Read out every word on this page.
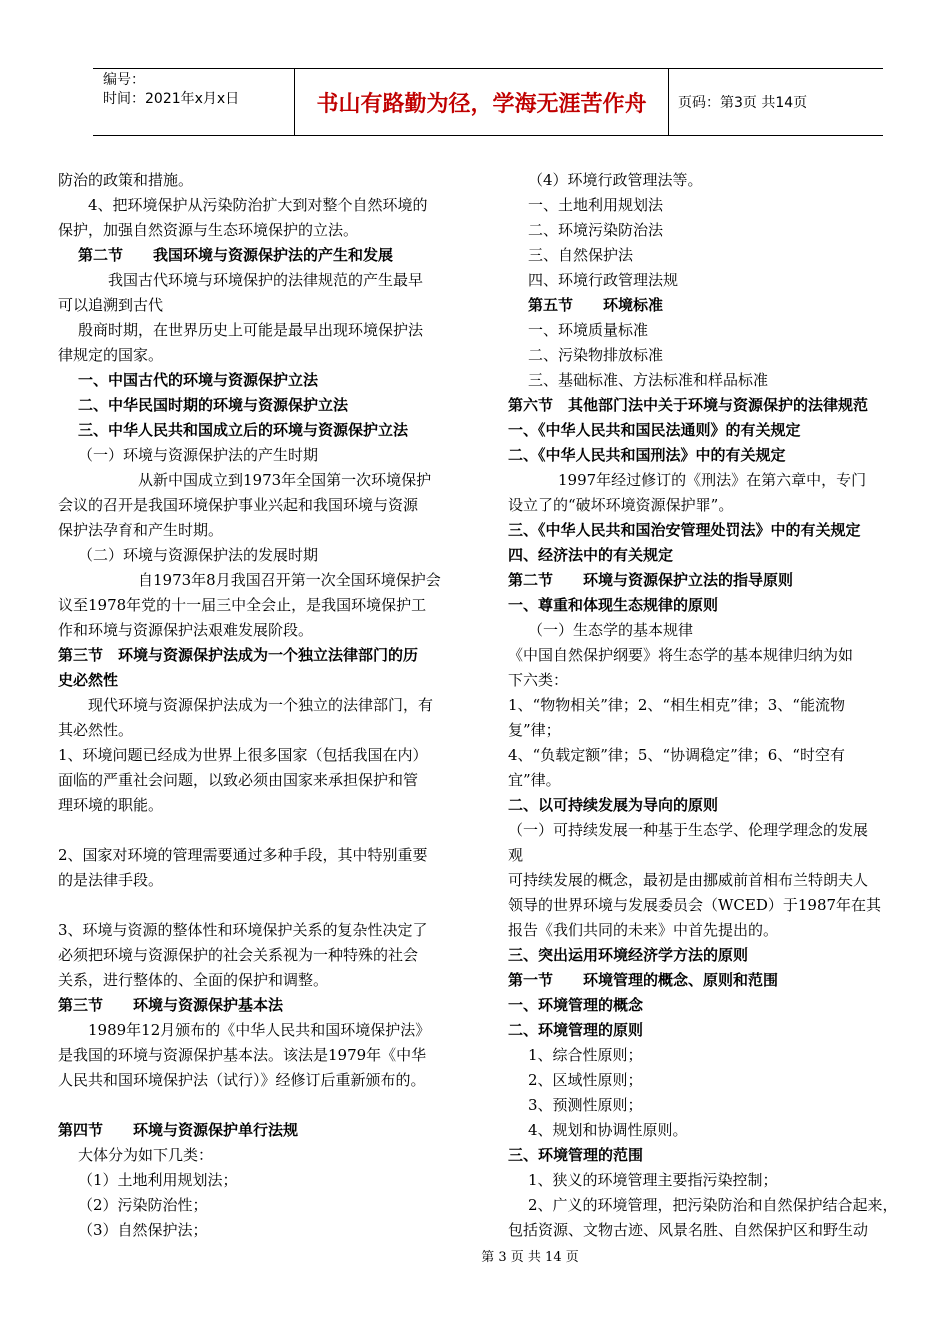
编号：
时间：2021年x月x日	书山有路勤为径，学海无涯苦作舟	页码：第3页 共14页

防治的政策和措施。

4、把环境保护从污染防治扩大到对整个自然环境的

保护，加强自然资源与生态环境保护的立法。

第二节　　我国环境与资源保护法的产生和发展

我国古代环境与环境保护的法律规范的产生最早

可以追溯到古代

殷商时期，在世界历史上可能是最早出现环境保护法

律规定的国家。

一、中国古代的环境与资源保护立法

二、中华民国时期的环境与资源保护立法

三、中华人民共和国成立后的环境与资源保护立法

（一）环境与资源保护法的产生时期

从新中国成立到1973年全国第一次环境保护

会议的召开是我国环境保护事业兴起和我国环境与资源

保护法孕育和产生时期。

（二）环境与资源保护法的发展时期

自1973年8月我国召开第一次全国环境保护会

议至1978年党的十一届三中全会止，是我国环境保护工

作和环境与资源保护法艰难发展阶段。

第三节　环境与资源保护法成为一个独立法律部门的历

史必然性

现代环境与资源保护法成为一个独立的法律部门，有

其必然性。

1、环境问题已经成为世界上很多国家（包括我国在内）

面临的严重社会问题，以致必须由国家来承担保护和管

理环境的职能。

2、国家对环境的管理需要通过多种手段，其中特别重要

的是法律手段。

3、环境与资源的整体性和环境保护关系的复杂性决定了

必须把环境与资源保护的社会关系视为一种特殊的社会

关系，进行整体的、全面的保护和调整。

第三节　　环境与资源保护基本法

1989年12月颁布的《中华人民共和国环境保护法》

是我国的环境与资源保护基本法。该法是1979年《中华

人民共和国环境保护法（试行）》经修订后重新颁布的。

第四节　　环境与资源保护单行法规

大体分为如下几类：

（1）土地利用规划法；

（2）污染防治性；

（3）自然保护法；

（4）环境行政管理法等。

一、土地利用规划法

二、环境污染防治法

三、自然保护法

四、环境行政管理法规

第五节　　环境标准

一、环境质量标准

二、污染物排放标准

三、基础标准、方法标准和样品标准

第六节　其他部门法中关于环境与资源保护的法律规范

一、《中华人民共和国民法通则》的有关规定

二、《中华人民共和国刑法》中的有关规定

1997年经过修订的《刑法》在第六章中，专门

设立了的“破坏环境资源保护罪”。

三、《中华人民共和国治安管理处罚法》中的有关规定

四、经济法中的有关规定

第二节　　环境与资源保护立法的指导原则

一、尊重和体现生态规律的原则

（一）生态学的基本规律

《中国自然保护纲要》将生态学的基本规律归纳为如

下六类：

1、“物物相关”律；2、“相生相克”律；3、“能流物

复”律；

4、“负载定额”律；5、“协调稳定”律；6、“时空有

宜”律。

二、以可持续发展为导向的原则

（一）可持续发展一种基于生态学、伦理学理念的发展

观

可持续发展的概念，最初是由挪威前首相布兰特朗夫人

领导的世界环境与发展委员会（WCED）于1987年在其

报告《我们共同的未来》中首先提出的。

三、突出运用环境经济学方法的原则

第一节　　环境管理的概念、原则和范围

一、环境管理的概念

二、环境管理的原则

1、综合性原则；

2、区域性原则；

3、预测性原则；

4、规划和协调性原则。

三、环境管理的范围

1、狭义的环境管理主要指污染控制；

2、广义的环境管理，把污染防治和自然保护结合起来，

包括资源、文物古迹、风景名胜、自然保护区和野生动

第 3 页 共 14 页
